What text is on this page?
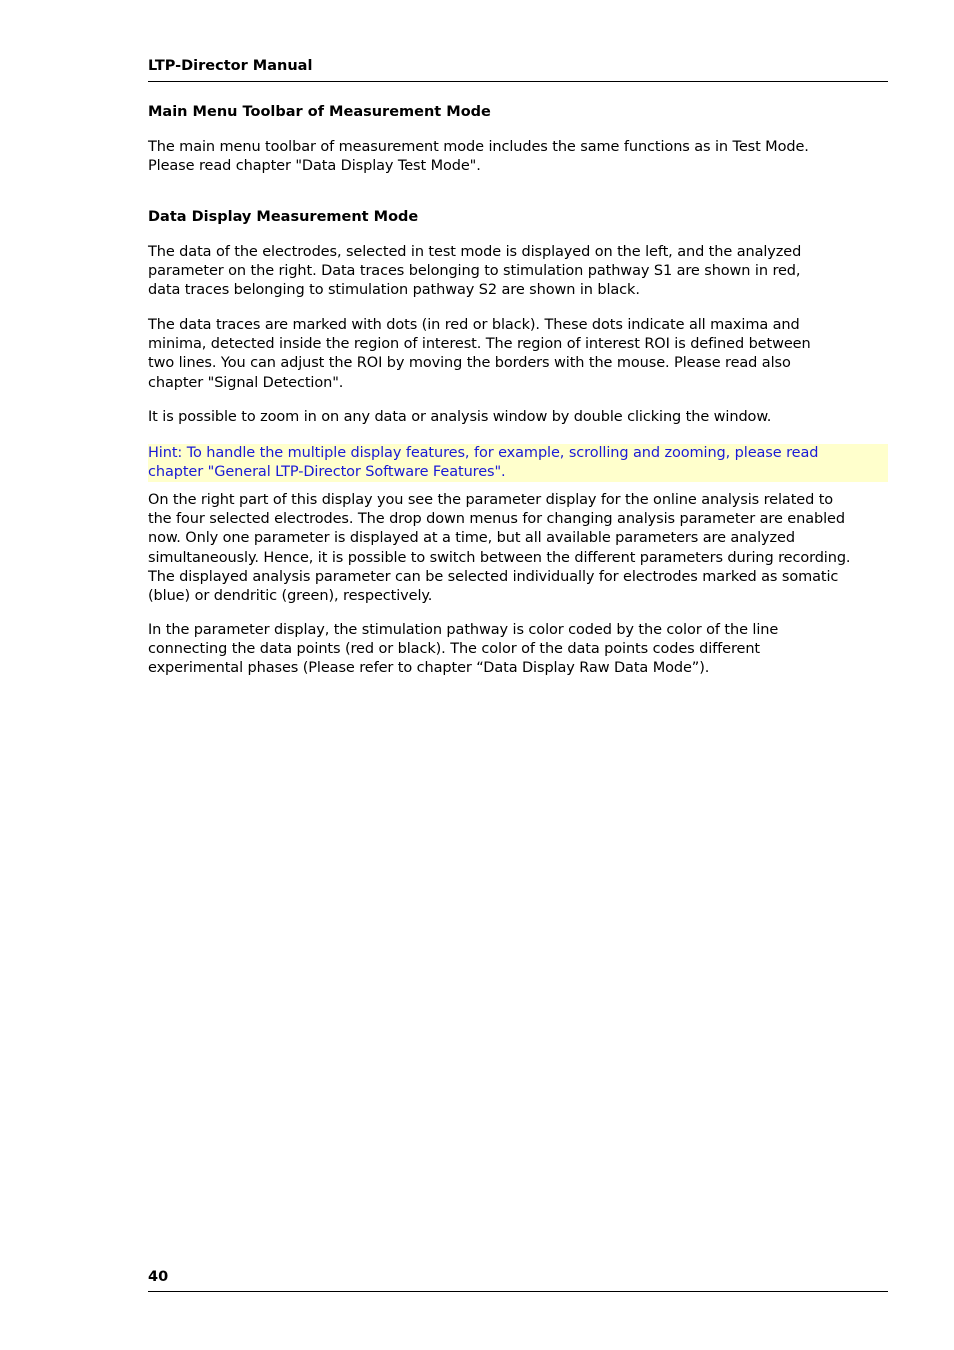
LTP-Director Manual
Main Menu Toolbar of Measurement Mode
The main menu toolbar of measurement mode includes the same functions as in Test Mode.
Please read chapter "Data Display Test Mode".
Data Display Measurement Mode
The data of the electrodes, selected in test mode is displayed on the left, and the analyzed
parameter on the right. Data traces belonging to stimulation pathway S1 are shown in red,
data traces belonging to stimulation pathway S2 are shown in black.
The data traces are marked with dots (in red or black). These dots indicate all maxima and
minima, detected inside the region of interest. The region of interest ROI is defined between
two lines. You can adjust the ROI by moving the borders with the mouse. Please read also
chapter "Signal Detection".
It is possible to zoom in on any data or analysis window by double clicking the window.
Hint: To handle the multiple display features, for example, scrolling and zooming, please read
chapter "General LTP-Director Software Features".
On the right part of this display you see the parameter display for the online analysis related to
the four selected electrodes. The drop down menus for changing analysis parameter are enabled
now. Only one parameter is displayed at a time, but all available parameters are analyzed
simultaneously. Hence, it is possible to switch between the different parameters during recording.
The displayed analysis parameter can be selected individually for electrodes marked as somatic
(blue) or dendritic (green), respectively.
In the parameter display, the stimulation pathway is color coded by the color of the line
connecting the data points (red or black). The color of the data points codes different
experimental phases (Please refer to chapter “Data Display Raw Data Mode”).
40
